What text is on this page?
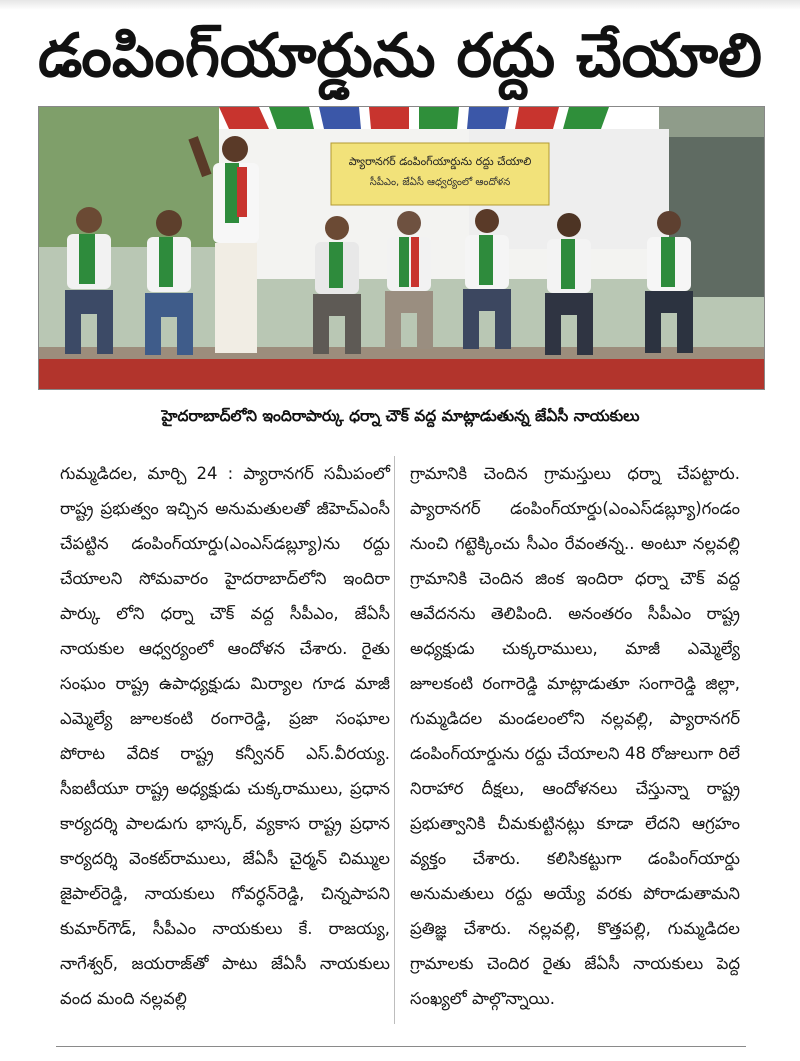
డంపింగ్‌యార్డును రద్దు చేయాలి
ప్యారానగర్ డంపింగ్‌యార్డును రద్దు చేయాలి
సీపీఎం, జేఏసీ ఆధ్వర్యంలో ఆందోళన
హైదరాబాద్‌లోని ఇందిరాపార్కు ధర్నా చౌక్ వద్ద మాట్లాడుతున్న జేఏసీ నాయకులు
గుమ్మడిదల, మార్చి 24 : ప్యారానగర్ సమీపంలో రాష్ట్ర ప్రభుత్వం ఇచ్చిన అనుమతులతో జీహెచ్‌ఎంసీ చేపట్టిన డంపింగ్‌యార్డు(ఎంఎస్‌డబ్ల్యూ)ను రద్దు చేయాలని సోమవారం హైదరాబాద్‌లోని ఇందిరా పార్కు లోని ధర్నా చౌక్ వద్ద సీపీఎం, జేఏసీ నాయకుల ఆధ్వర్యంలో ఆందోళన చేశారు. రైతు సంఘం రాష్ట్ర ఉపాధ్యక్షుడు మిర్యాల గూడ మాజీ ఎమ్మెల్యే జూలకంటి రంగారెడ్డి, ప్రజా సంఘాల పోరాట వేదిక రాష్ట్ర కన్వీనర్ ఎస్.వీరయ్య. సీఐటీయూ రాష్ట్ర అధ్యక్షుడు చుక్కరాములు, ప్రధాన కార్యదర్శి పాలడుగు భాస్కర్, వ్యకాస రాష్ట్ర ప్రధాన కార్యదర్శి వెంకట్‌రాములు, జేఏసీ చైర్మన్ చిమ్ముల జైపాల్‌రెడ్డి, నాయకులు గోవర్ధన్‌రెడ్డి, చిన్నపాపని కుమార్‌గౌడ్, సీపీఎం నాయకులు కే. రాజయ్య, నాగేశ్వర్, జయరాజ్‌తో పాటు జేఏసీ నాయకులు వంద మంది నల్లవల్లి
గ్రామానికి చెందిన గ్రామస్తులు ధర్నా చేపట్టారు. ప్యారానగర్ డంపింగ్‌యార్డు(ఎంఎస్‌డబ్ల్యూ)గండం నుంచి గట్టెక్కించు సీఎం రేవంతన్న.. అంటూ నల్లవల్లి గ్రామానికి చెందిన జింక ఇందిరా ధర్నా చౌక్ వద్ద ఆవేదనను తెలిపింది. అనంతరం సీపీఎం రాష్ట్ర అధ్యక్షుడు చుక్కరాములు, మాజీ ఎమ్మెల్యే జూలకంటి రంగారెడ్డి మాట్లాడుతూ సంగారెడ్డి జిల్లా, గుమ్మడిదల మండలంలోని నల్లవల్లి, ప్యారానగర్ డంపింగ్‌యార్డును రద్దు చేయాలని 48 రోజులుగా రిలే నిరాహార దీక్షలు, ఆందోళనలు చేస్తున్నా రాష్ట్ర ప్రభుత్వానికి చీమకుట్టినట్లు కూడా లేదని ఆగ్రహం వ్యక్తం చేశారు. కలిసికట్టుగా డంపింగ్‌యార్డు అనుమతులు రద్దు అయ్యే వరకు పోరాడుతామని ప్రతిజ్ఞ చేశారు. నల్లవల్లి, కొత్తపల్లి, గుమ్మడిదల గ్రామాలకు చెందిర రైతు జేఏసీ నాయకులు పెద్ద సంఖ్యలో పాల్గొన్నాయి.
